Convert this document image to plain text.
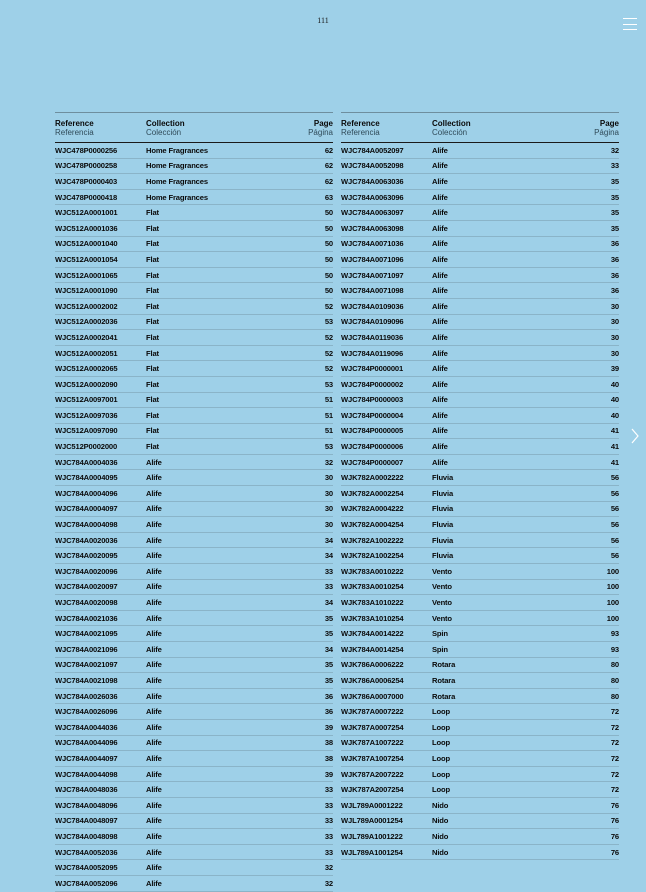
111
Reference
Referencia
Collection
Colección
Page
Página
WJC478P0000256	Home Fragrances	62
WJC478P0000258	Home Fragrances	62
WJC478P0000403	Home Fragrances	62
WJC478P0000418	Home Fragrances	63
WJC512A0001001	Flat	50
WJC512A0001036	Flat	50
WJC512A0001040	Flat	50
WJC512A0001054	Flat	50
WJC512A0001065	Flat	50
WJC512A0001090	Flat	50
WJC512A0002002	Flat	52
WJC512A0002036	Flat	53
WJC512A0002041	Flat	52
WJC512A0002051	Flat	52
WJC512A0002065	Flat	52
WJC512A0002090	Flat	53
WJC512A0097001	Flat	51
WJC512A0097036	Flat	51
WJC512A0097090	Flat	51
WJC512P0002000	Flat	53
WJC784A0004036	Alife	32
WJC784A0004095	Alife	30
WJC784A0004096	Alife	30
WJC784A0004097	Alife	30
WJC784A0004098	Alife	30
WJC784A0020036	Alife	34
WJC784A0020095	Alife	34
WJC784A0020096	Alife	33
WJC784A0020097	Alife	33
WJC784A0020098	Alife	34
WJC784A0021036	Alife	35
WJC784A0021095	Alife	35
WJC784A0021096	Alife	34
WJC784A0021097	Alife	35
WJC784A0021098	Alife	35
WJC784A0026036	Alife	36
WJC784A0026096	Alife	36
WJC784A0044036	Alife	39
WJC784A0044096	Alife	38
WJC784A0044097	Alife	38
WJC784A0044098	Alife	39
WJC784A0048036	Alife	33
WJC784A0048096	Alife	33
WJC784A0048097	Alife	33
WJC784A0048098	Alife	33
WJC784A0052036	Alife	33
WJC784A0052095	Alife	32
WJC784A0052096	Alife	32
Reference
Referencia
Collection
Colección
Page
Página
WJC784A0052097	Alife	32
WJC784A0052098	Alife	33
WJC784A0063036	Alife	35
WJC784A0063096	Alife	35
WJC784A0063097	Alife	35
WJC784A0063098	Alife	35
WJC784A0071036	Alife	36
WJC784A0071096	Alife	36
WJC784A0071097	Alife	36
WJC784A0071098	Alife	36
WJC784A0109036	Alife	30
WJC784A0109096	Alife	30
WJC784A0119036	Alife	30
WJC784A0119096	Alife	30
WJC784P0000001	Alife	39
WJC784P0000002	Alife	40
WJC784P0000003	Alife	40
WJC784P0000004	Alife	40
WJC784P0000005	Alife	41
WJC784P0000006	Alife	41
WJC784P0000007	Alife	41
WJK782A0002222	Fluvia	56
WJK782A0002254	Fluvia	56
WJK782A0004222	Fluvia	56
WJK782A0004254	Fluvia	56
WJK782A1002222	Fluvia	56
WJK782A1002254	Fluvia	56
WJK783A0010222	Vento	100
WJK783A0010254	Vento	100
WJK783A1010222	Vento	100
WJK783A1010254	Vento	100
WJK784A0014222	Spin	93
WJK784A0014254	Spin	93
WJK786A0006222	Rotara	80
WJK786A0006254	Rotara	80
WJK786A0007000	Rotara	80
WJK787A0007222	Loop	72
WJK787A0007254	Loop	72
WJK787A1007222	Loop	72
WJK787A1007254	Loop	72
WJK787A2007222	Loop	72
WJK787A2007254	Loop	72
WJL789A0001222	Nido	76
WJL789A0001254	Nido	76
WJL789A1001222	Nido	76
WJL789A1001254	Nido	76
